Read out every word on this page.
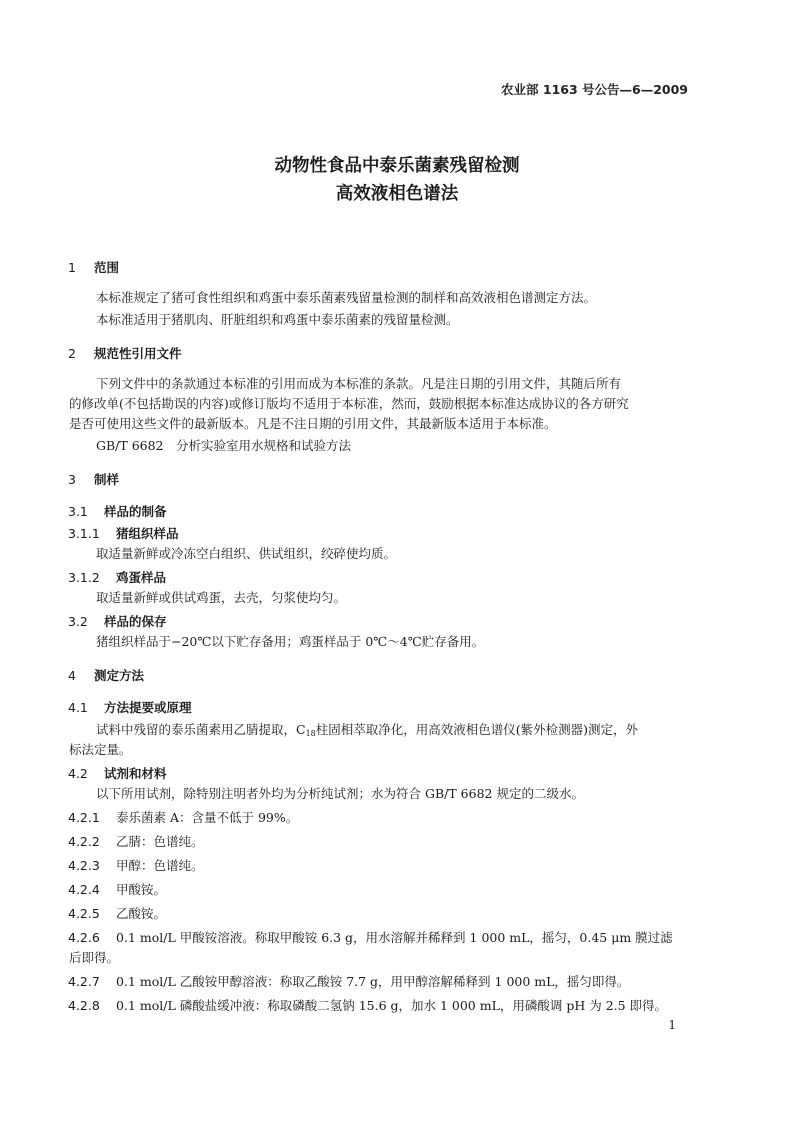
农业部 1163 号公告—6—2009
动物性食品中泰乐菌素残留检测
高效液相色谱法
1 范围
本标准规定了猪可食性组织和鸡蛋中泰乐菌素残留量检测的制样和高效液相色谱测定方法。
本标准适用于猪肌肉、肝脏组织和鸡蛋中泰乐菌素的残留量检测。
2 规范性引用文件
下列文件中的条款通过本标准的引用而成为本标准的条款。凡是注日期的引用文件，其随后所有
的修改单(不包括勘误的内容)或修订版均不适用于本标准，然而，鼓励根据本标准达成协议的各方研究
是否可使用这些文件的最新版本。凡是不注日期的引用文件，其最新版本适用于本标准。
GB/T 6682　分析实验室用水规格和试验方法
3 制样
3.1 样品的制备
3.1.1 猪组织样品
取适量新鲜或冷冻空白组织、供试组织，绞碎使均质。
3.1.2 鸡蛋样品
取适量新鲜或供试鸡蛋，去壳，匀浆使均匀。
3.2 样品的保存
猪组织样品于−20℃以下贮存备用；鸡蛋样品于 0℃～4℃贮存备用。
4 测定方法
4.1 方法提要或原理
试料中残留的泰乐菌素用乙腈提取，$C_{18}$柱固相萃取净化，用高效液相色谱仪(紫外检测器)测定，外
标法定量。
4.2 试剂和材料
以下所用试剂，除特别注明者外均为分析纯试剂；水为符合 GB/T 6682 规定的二级水。
4.2.1 泰乐菌素 A：含量不低于 99%。
4.2.2 乙腈：色谱纯。
4.2.3 甲醇：色谱纯。
4.2.4 甲酸铵。
4.2.5 乙酸铵。
4.2.6 0.1 mol/L 甲酸铵溶液。称取甲酸铵 6.3 g，用水溶解并稀释到 1 000 mL，摇匀，0.45 μm 膜过滤
后即得。
4.2.7 0.1 mol/L 乙酸铵甲醇溶液：称取乙酸铵 7.7 g，用甲醇溶解稀释到 1 000 mL，摇匀即得。
4.2.8 0.1 mol/L 磷酸盐缓冲液：称取磷酸二氢钠 15.6 g，加水 1 000 mL，用磷酸调 pH 为 2.5 即得。
1
